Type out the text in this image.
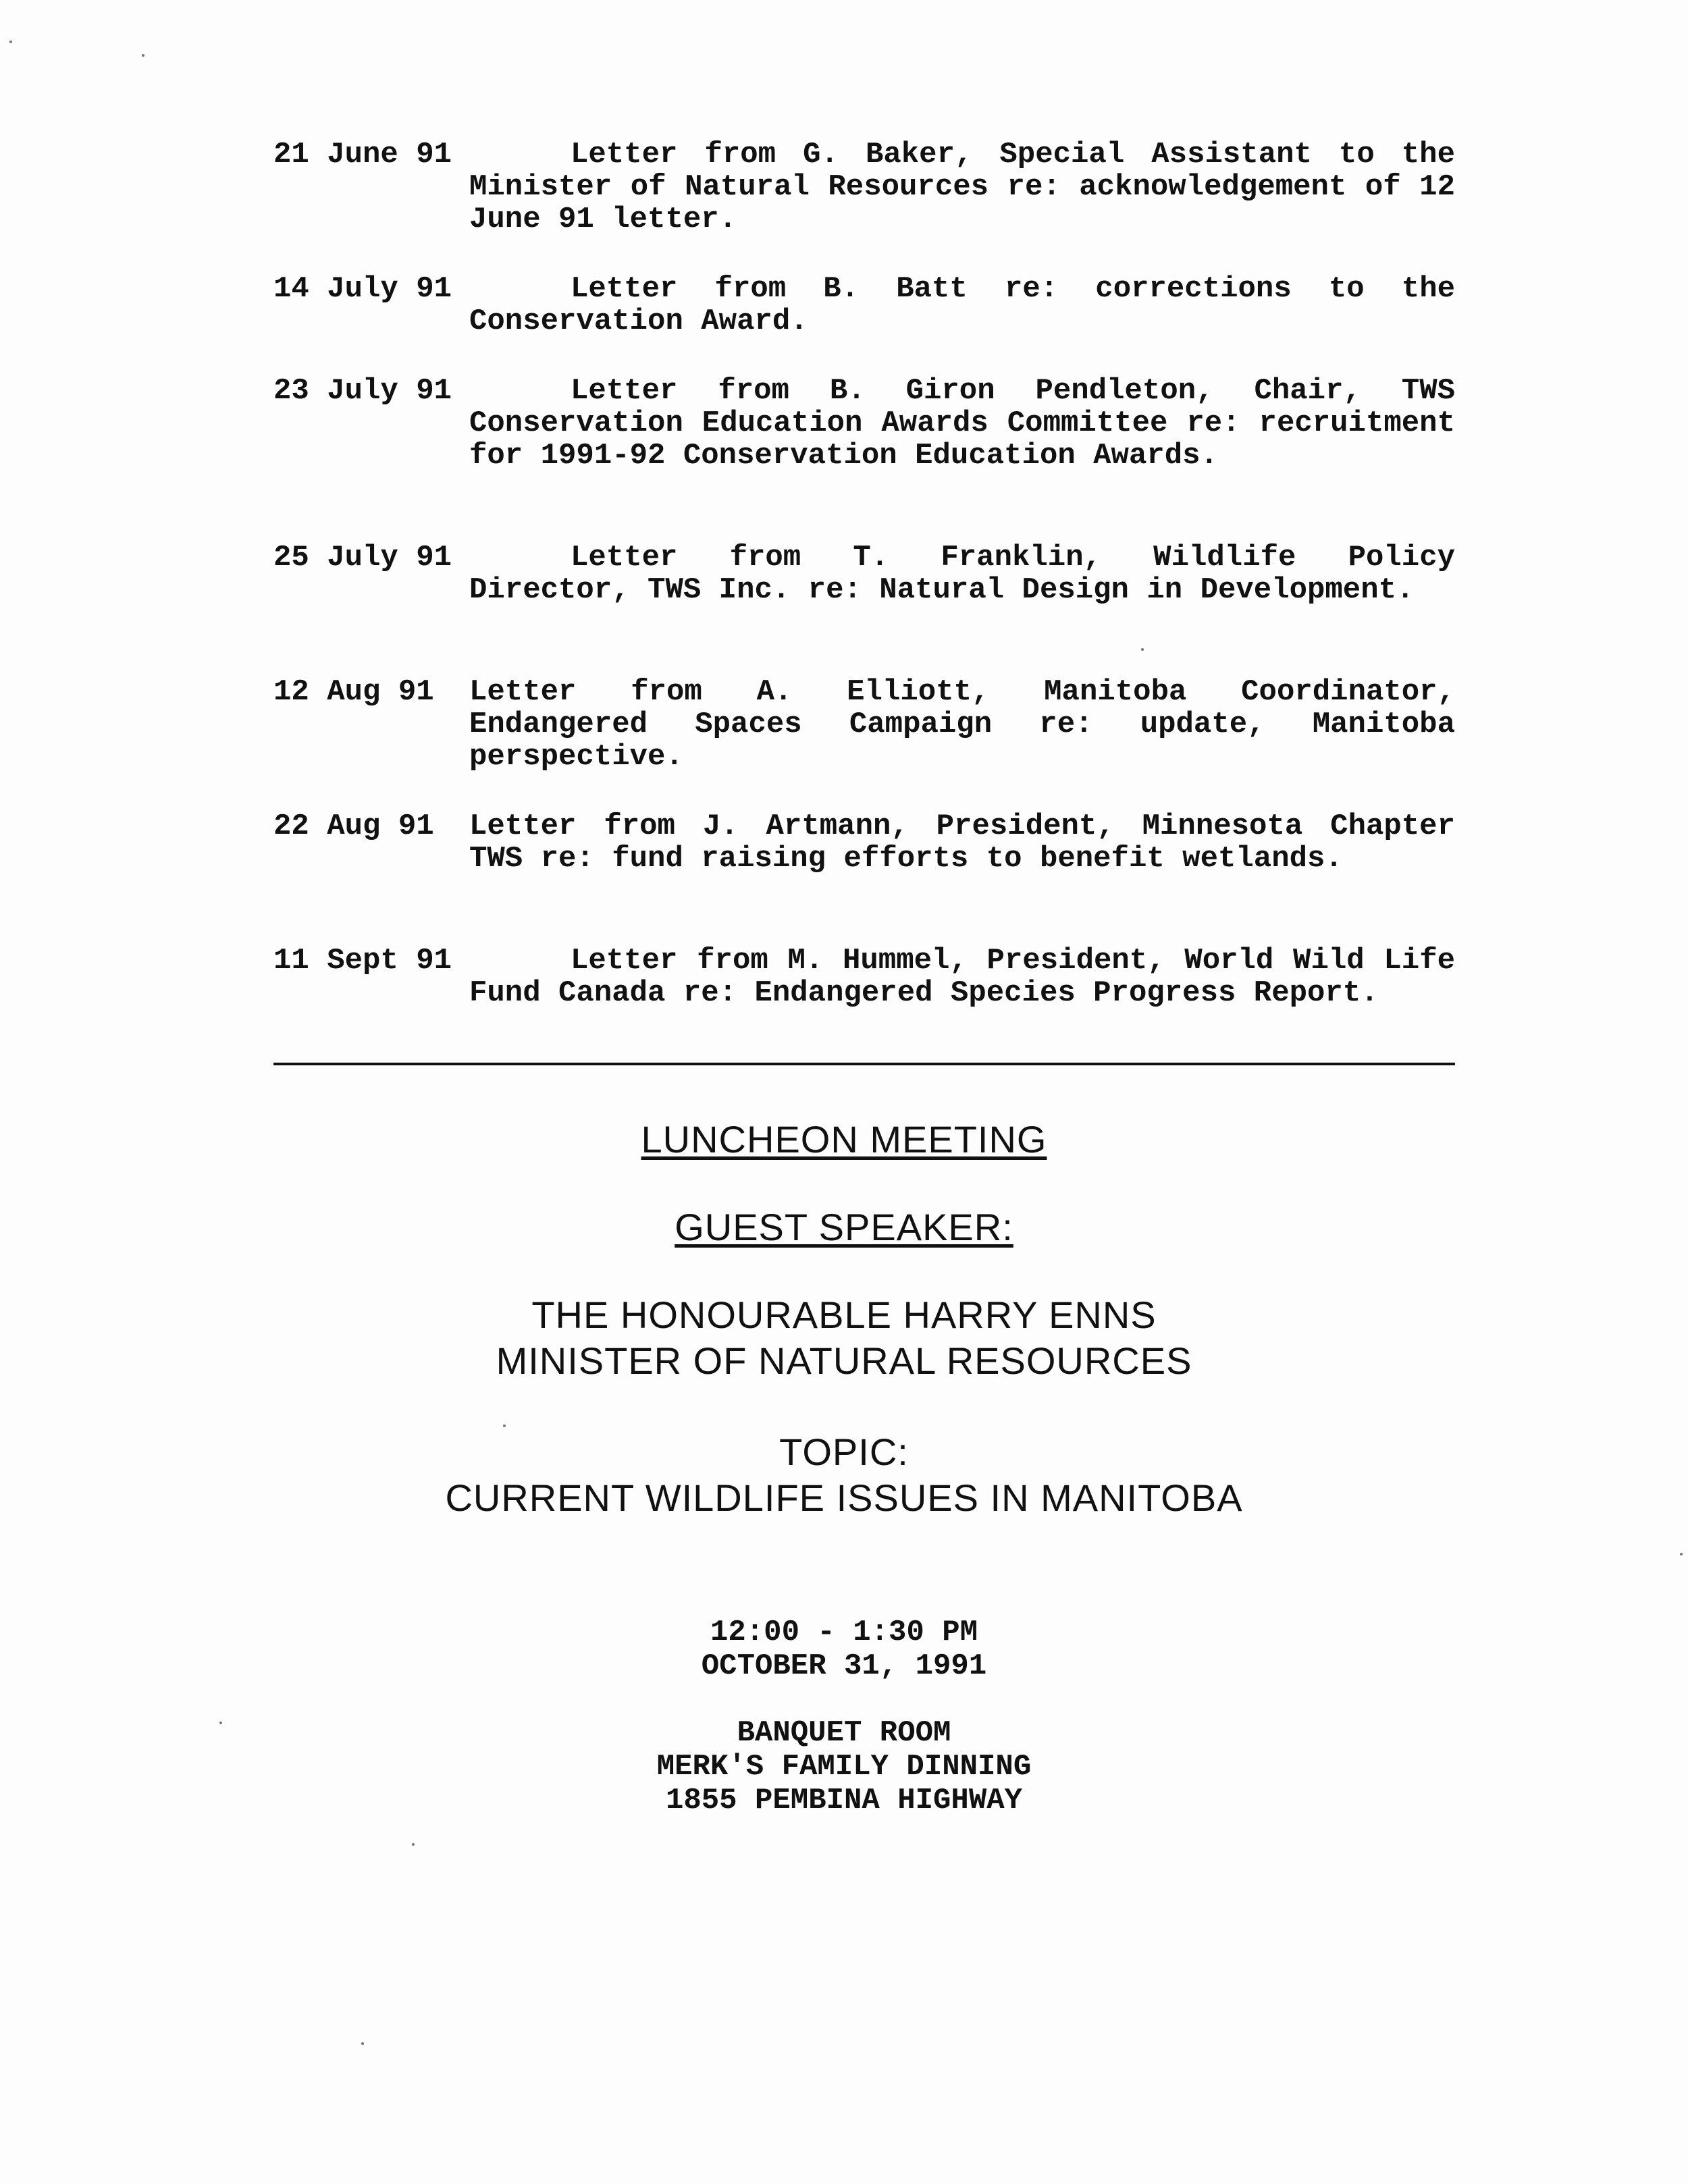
21 June 91	Letter from G. Baker, Special Assistant to the Minister of Natural Resources re: acknowledgement of 12 June 91 letter.
14 July 91	Letter from B. Batt re: corrections to the Conservation Award.
23 July 91	Letter from B. Giron Pendleton, Chair, TWS Conservation Education Awards Committee re: recruitment for 1991-92 Conservation Education Awards.
25 July 91	Letter from T. Franklin, Wildlife Policy Director, TWS Inc. re: Natural Design in Development.
12 Aug 91 Letter from A. Elliott, Manitoba Coordinator, Endangered Spaces Campaign re: update, Manitoba perspective.
22 Aug 91 Letter from J. Artmann, President, Minnesota Chapter TWS re: fund raising efforts to benefit wetlands.
11 Sept 91	Letter from M. Hummel, President, World Wild Life Fund Canada re: Endangered Species Progress Report.
LUNCHEON MEETING
GUEST SPEAKER:
THE HONOURABLE HARRY ENNS
MINISTER OF NATURAL RESOURCES
TOPIC:
CURRENT WILDLIFE ISSUES IN MANITOBA
12:00 - 1:30 PM
OCTOBER 31, 1991
BANQUET ROOM
MERK'S FAMILY DINNING
1855 PEMBINA HIGHWAY
